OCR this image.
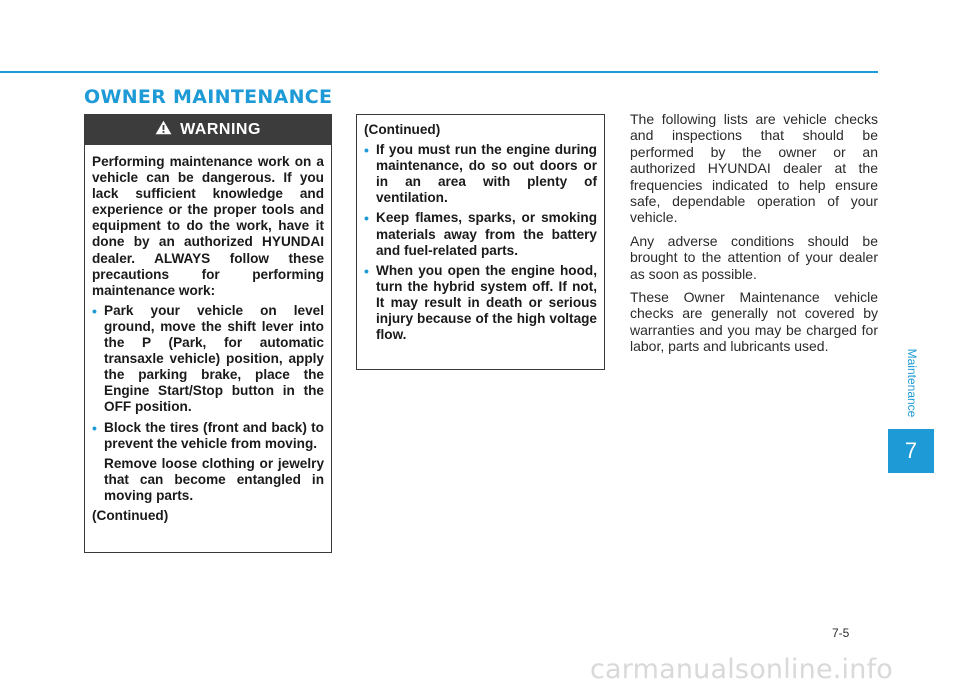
OWNER MAINTENANCE
WARNING

Performing maintenance work on a vehicle can be dangerous. If you lack sufficient knowledge and experience or the proper tools and equipment to do the work, have it done by an authorized HYUNDAI dealer. ALWAYS follow these precautions for performing maintenance work:

• Park your vehicle on level ground, move the shift lever into the P (Park, for automatic transaxle vehicle) position, apply the parking brake, place the Engine Start/Stop button in the OFF position.
• Block the tires (front and back) to prevent the vehicle from moving.

Remove loose clothing or jewelry that can become entangled in moving parts.

(Continued)

(Continued)

• If you must run the engine during maintenance, do so out doors or in an area with plenty of ventilation.
• Keep flames, sparks, or smoking materials away from the battery and fuel-related parts.
• When you open the engine hood, turn the hybrid system off. If not, It may result in death or serious injury because of the high voltage flow.

The following lists are vehicle checks and inspections that should be performed by the owner or an authorized HYUNDAI dealer at the frequencies indicated to help ensure safe, dependable operation of your vehicle.

Any adverse conditions should be brought to the attention of your dealer as soon as possible.

These Owner Maintenance vehicle checks are generally not covered by warranties and you may be charged for labor, parts and lubricants used.

Maintenance
7
7-5
carmanualsonline.info
